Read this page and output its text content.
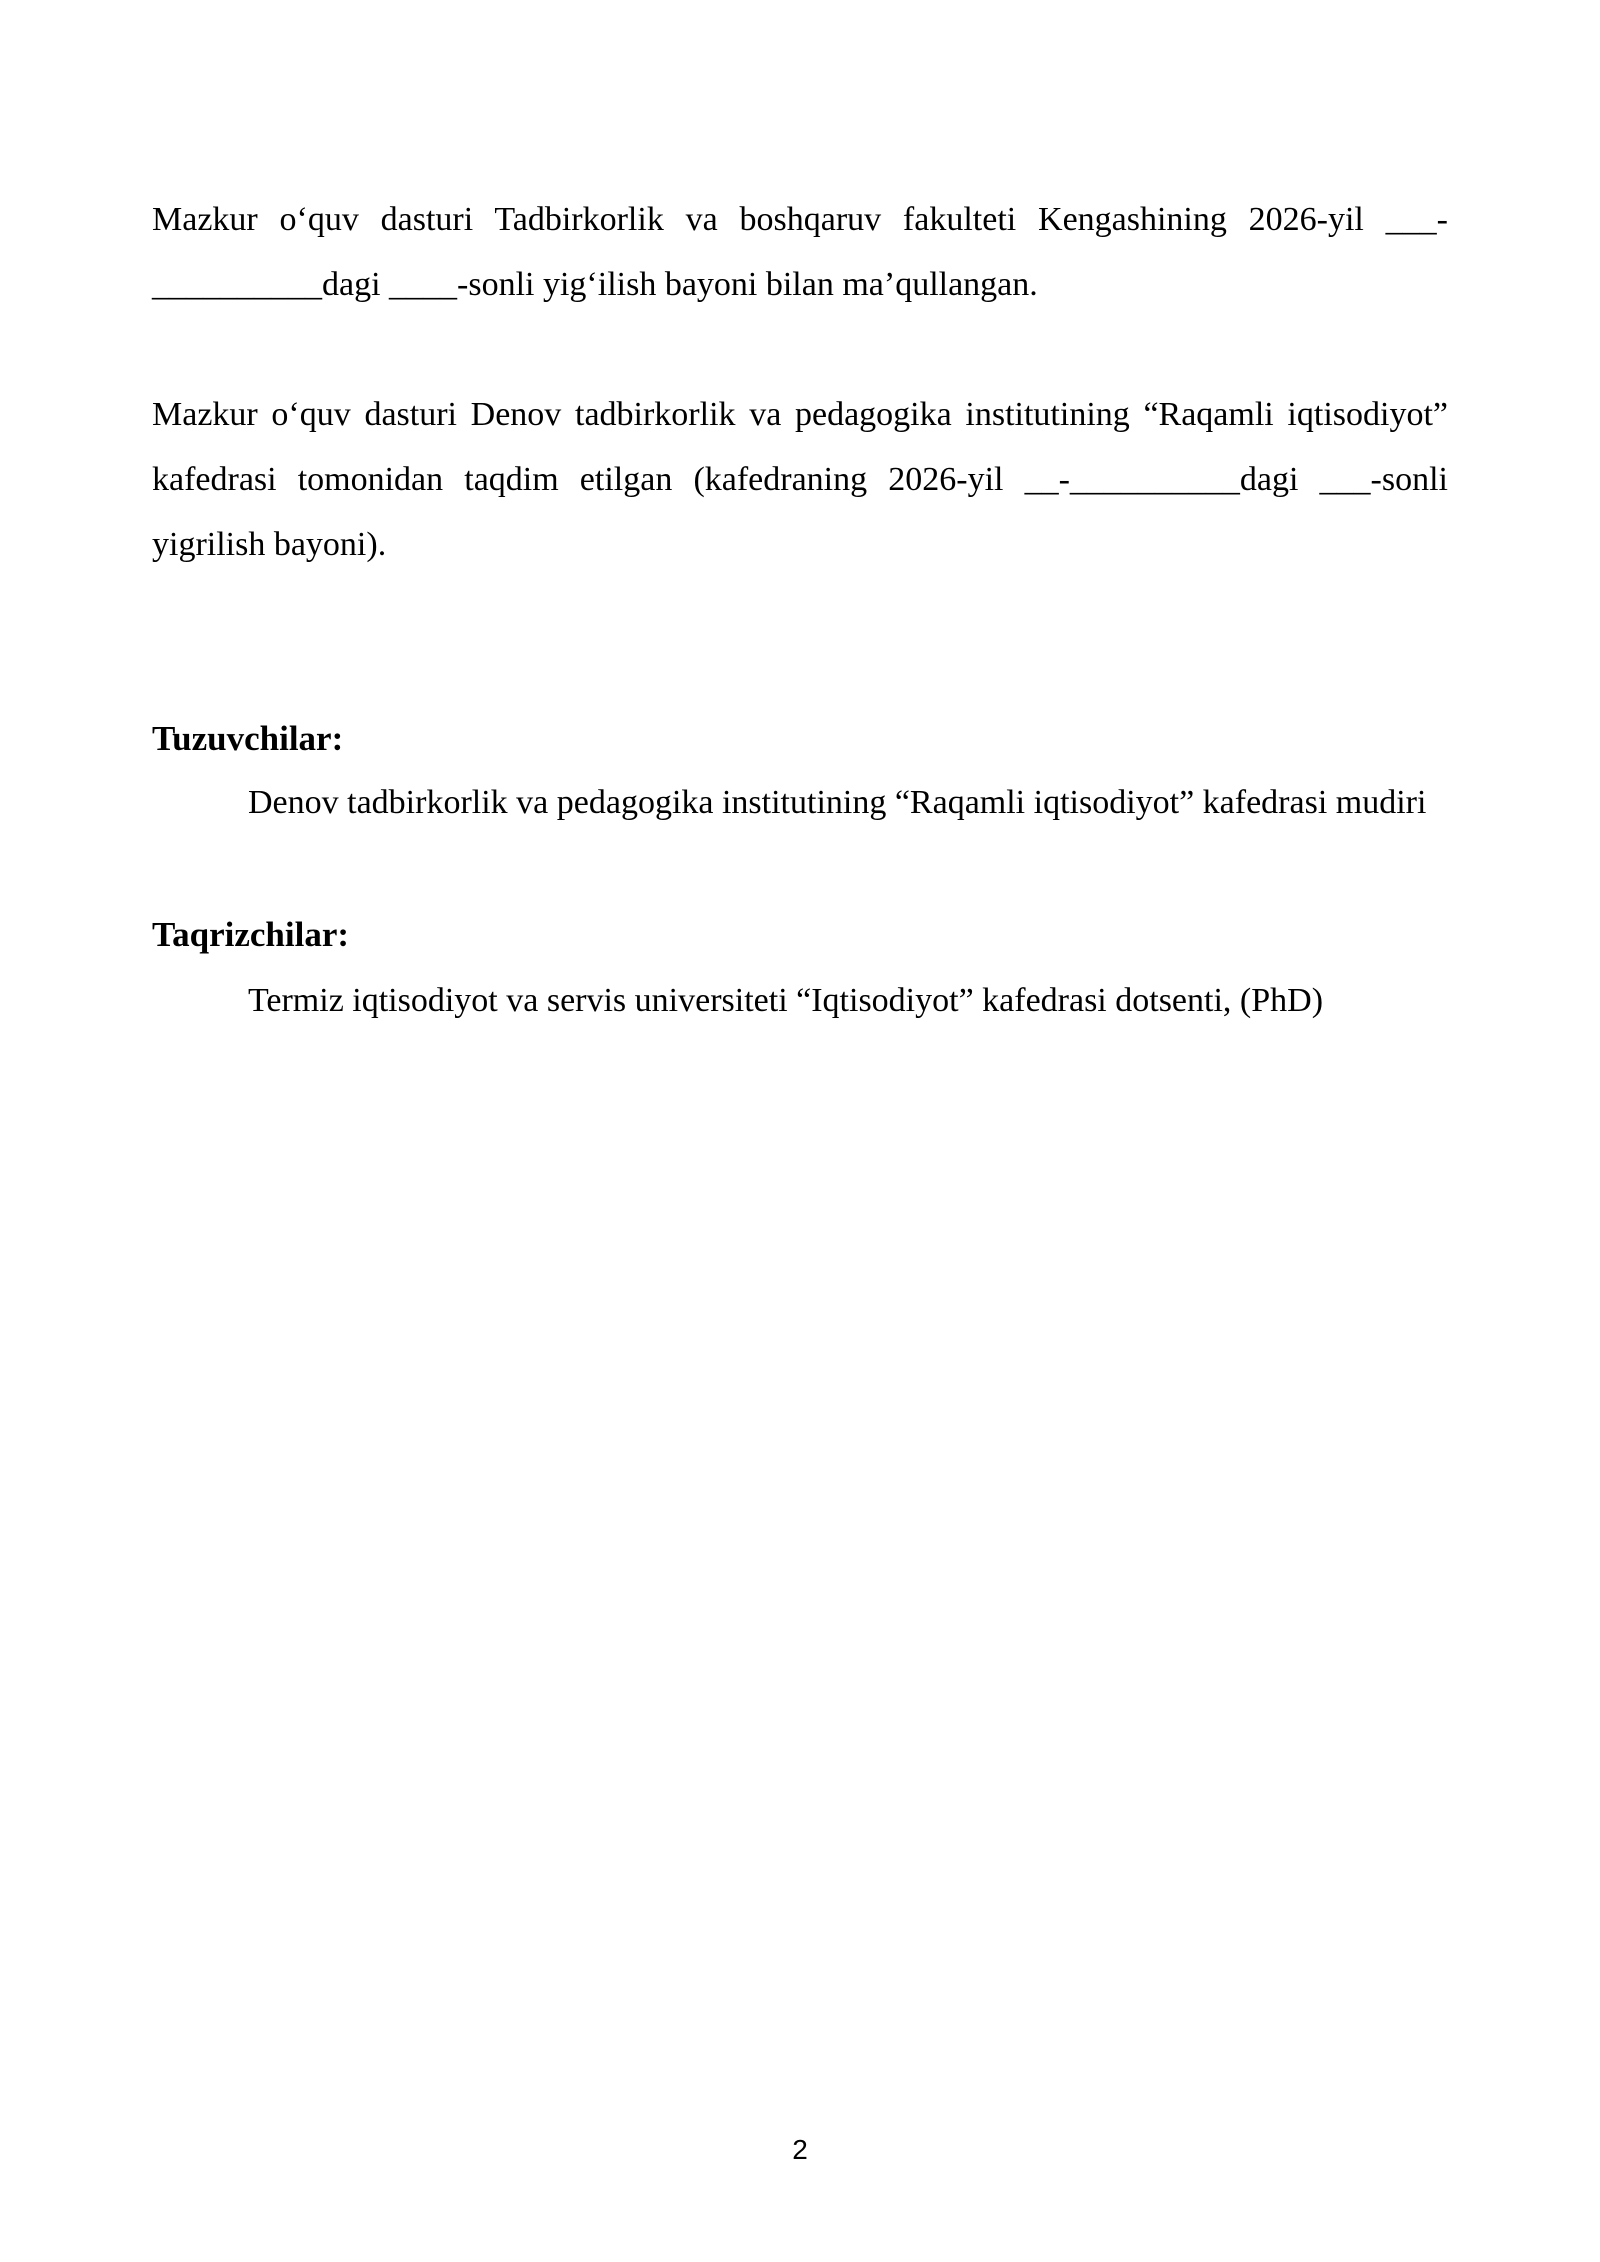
Mazkur o‘quv dasturi Tadbirkorlik va boshqaruv fakulteti Kengashining 2026-yil ___-__________dagi ____-sonli yig‘ilish bayoni bilan ma’qullangan.

Mazkur o‘quv dasturi Denov tadbirkorlik va pedagogika institutining “Raqamli iqtisodiyot” kafedrasi tomonidan taqdim etilgan (kafedraning 2026-yil __-__________dagi ___-sonli yigrilish bayoni).

Tuzuvchilar:

Denov tadbirkorlik va pedagogika institutining “Raqamli iqtisodiyot” kafedrasi mudiri

Taqrizchilar:

Termiz iqtisodiyot va servis universiteti “Iqtisodiyot” kafedrasi dotsenti, (PhD)

2
